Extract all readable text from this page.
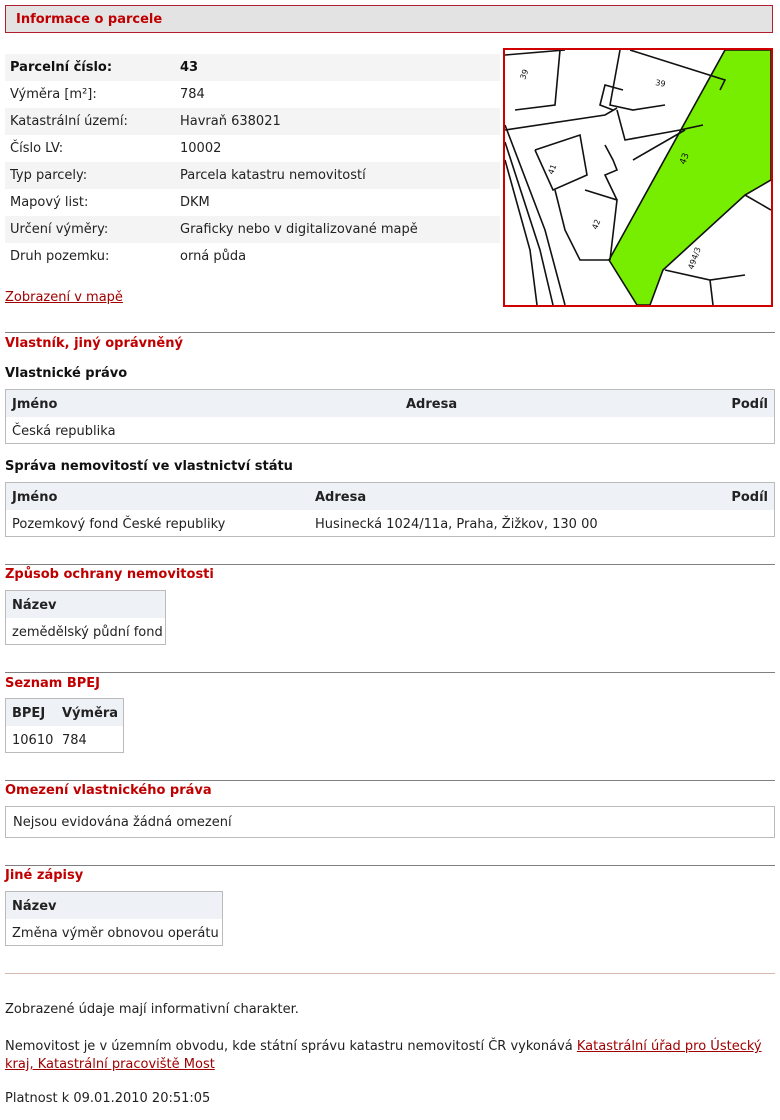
Informace o parcele
Parcelní číslo:	43
Výměra [m²]:	784
Katastrální území:	Havraň 638021
Číslo LV:	10002
Typ parcely:	Parcela katastru nemovitostí
Mapový list:	DKM
Určení výměry:	Graficky nebo v digitalizované mapě
Druh pozemku:	orná půda
Zobrazení v mapě
39
39
43
41
42
494/3
Vlastník, jiný oprávněný
Vlastnické právo
Jméno	Adresa	Podíl
Česká republika
Správa nemovitostí ve vlastnictví státu
Jméno	Adresa	Podíl
Pozemkový fond České republiky	Husinecká 1024/11a, Praha, Žižkov, 130 00
Způsob ochrany nemovitosti
Název
zemědělský půdní fond
Seznam BPEJ
BPEJ Výměra
10610 784
Omezení vlastnického práva
Nejsou evidována žádná omezení
Jiné zápisy
Název
Změna výměr obnovou operátu
Zobrazené údaje mají informativní charakter.
Nemovitost je v územním obvodu, kde státní správu katastru nemovitostí ČR vykonává Katastrální úřad pro Ústecký
kraj, Katastrální pracoviště Most
Platnost k 09.01.2010 20:51:05
